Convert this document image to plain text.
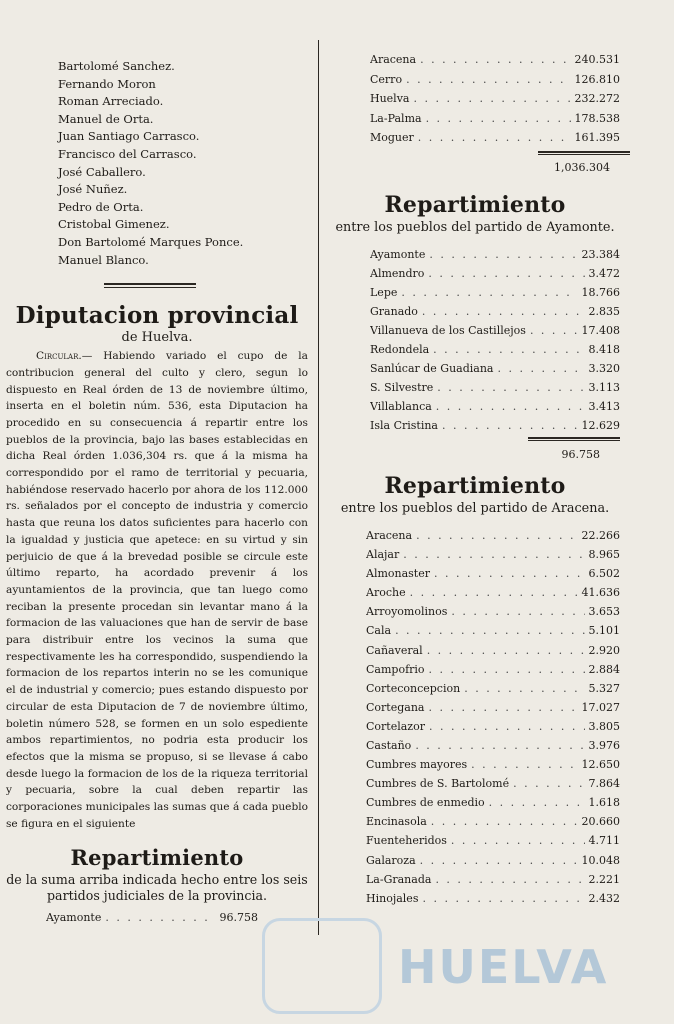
Bartolomé Sanchez.
Fernando Moron
Roman Arreciado.
Manuel de Orta.
Juan Santiago Carrasco.
Francisco del Carrasco.
José Caballero.
José Nuñez.
Pedro de Orta.
Cristobal Gimenez.
Don Bartolomé Marques Ponce.
Manuel Blanco.
Diputacion provincial

de Huelva.

Circular.— Habiendo variado el cupo de la contribucion general del culto y clero, segun lo dispuesto en Real órden de 13 de noviembre último, inserta en el boletin núm. 536, esta Diputacion ha procedido en su consecuencia á repartir entre los pueblos de la provincia, bajo las bases establecidas en dicha Real órden 1.036,304 rs. que á la misma ha correspondido por el ramo de territorial y pecuaria, habiéndose reservado hacerlo por ahora de los 112.000 rs. señalados por el concepto de industria y comercio hasta que reuna los datos suficientes para hacerlo con la igualdad y justicia que apetece: en su virtud y sin perjuicio de que á la brevedad posible se circule este último reparto, ha acordado prevenir á los ayuntamientos de la provincia, que tan luego como reciban la presente procedan sin levantar mano á la formacion de las valuaciones que han de servir de base para distribuir entre los vecinos la suma que respectivamente les ha correspondido, suspendiendo la formacion de los repartos interin no se les comunique el de industrial y comercio; pues estando dispuesto por circular de esta Diputacion de 7 de noviembre último, boletin número 528, se formen en un solo espediente ambos repartimientos, no podria esta producir los efectos que la misma se propuso, si se llevase á cabo desde luego la formacion de los de la riqueza territorial y pecuaria, sobre la cual deben repartir las corporaciones municipales las sumas que á cada pueblo se figura en el siguiente

Repartimiento

de la suma arriba indicada hecho entre los seis partidos judiciales de la provincia.

Ayamonte . . .	96.758
Aracena . . .	240.531
Cerro . . .	126.810
Huelva . . .	232.272
La-Palma . . .	178.538
Moguer . . .	161.395
1,036.304
Repartimiento

entre los pueblos del partido de Ayamonte.

Ayamonte . . .	23.384
Almendro . . .	3.472
Lepe . . .	18.766
Granado . . .	2.835
Villanueva de los Castillejos . . .	17.408
Redondela . . .	8.418
Sanlúcar de Guadiana . . .	3.320
S. Silvestre . . .	3.113
Villablanca . . .	3.413
Isla Cristina . . .	12.629
96.758
Repartimiento

entre los pueblos del partido de Aracena.

Aracena . . .	22.266
Alajar . . .	8.965
Almonaster . . .	6.502
Aroche . . .	41.636
Arroyomolinos . . .	3.653
Cala . . .	5.101
Cañaveral . . .	2.920
Campofrio . . .	2.884
Corteconcepcion . . .	5.327
Cortegana . . .	17.027
Cortelazor . . .	3.805
Castaño . . .	3.976
Cumbres mayores . . .	12.650
Cumbres de S. Bartolomé . . .	7.864
Cumbres de enmedio . . .	1.618
Encinasola . . .	20.660
Fuenteheridos . . .	4.711
Galaroza . . .	10.048
La-Granada . . .	2.221
Hinojales . . .	2.432
HUELVA
